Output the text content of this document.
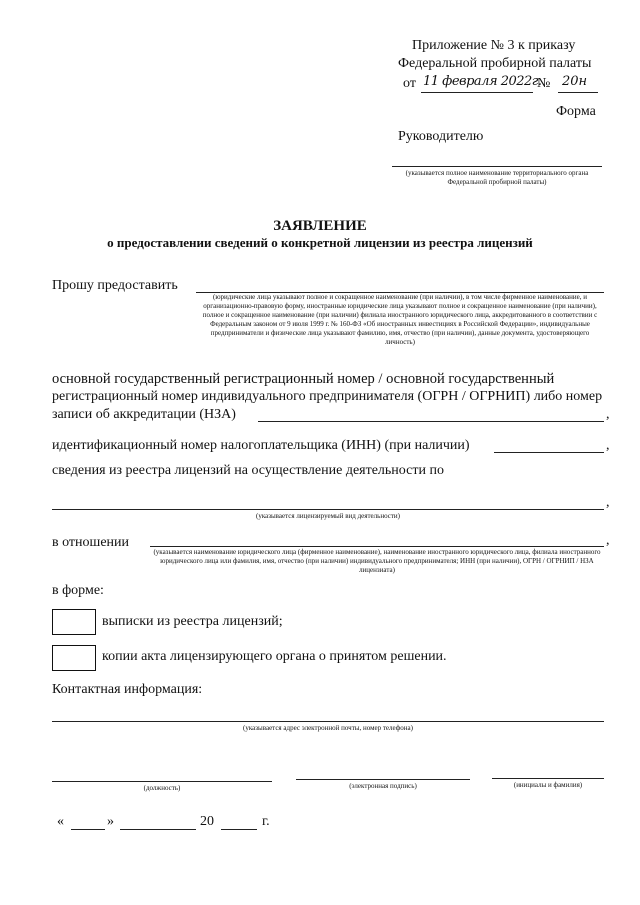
Приложение № 3 к приказу
Федеральной пробирной палаты
от 11 февраля 2022г.
№ 20н
Форма
Руководителю
(указывается полное наименование территориального органа Федеральной пробирной палаты)
ЗАЯВЛЕНИЕ
о предоставлении сведений о конкретной лицензии из реестра лицензий
Прошу предоставить
(юридические лица указывают полное и сокращенное наименование (при наличии), в том числе фирменное наименование, и организационно-правовую форму, иностранные юридические лица указывают полное и сокращенное наименование (при наличии), полное и сокращенное наименование (при наличии) филиала иностранного юридического лица, аккредитованного в соответствии с Федеральным законом от 9 июля 1999 г. № 160-ФЗ «Об иностранных инвестициях в Российской Федерации», индивидуальные предприниматели и физические лица указывают фамилию, имя, отчество (при наличии), данные документа, удостоверяющего личность)
основной государственный регистрационный номер / основной государственный
регистрационный номер индивидуального предпринимателя (ОГРН / ОГРНИП) либо номер
записи об аккредитации (НЗА)	,
идентификационный номер налогоплательщика (ИНН) (при наличии)	,
сведения из реестра лицензий на осуществление деятельности по
,
(указывается лицензируемый вид деятельности)
в отношении	,
(указывается наименование юридического лица (фирменное наименование), наименование иностранного юридического лица, филиала иностранного юридического лица или фамилия, имя, отчество (при наличии) индивидуального предпринимателя; ИНН (при наличии), ОГРН / ОГРНИП / НЗА лицензиата)
в форме:
выписки из реестра лицензий;
копии акта лицензирующего органа о принятом решении.
Контактная информация:
(указывается адрес электронной почты, номер телефона)
(должность)	(электронная подпись)	(инициалы и фамилия)
«	»	20	г.
